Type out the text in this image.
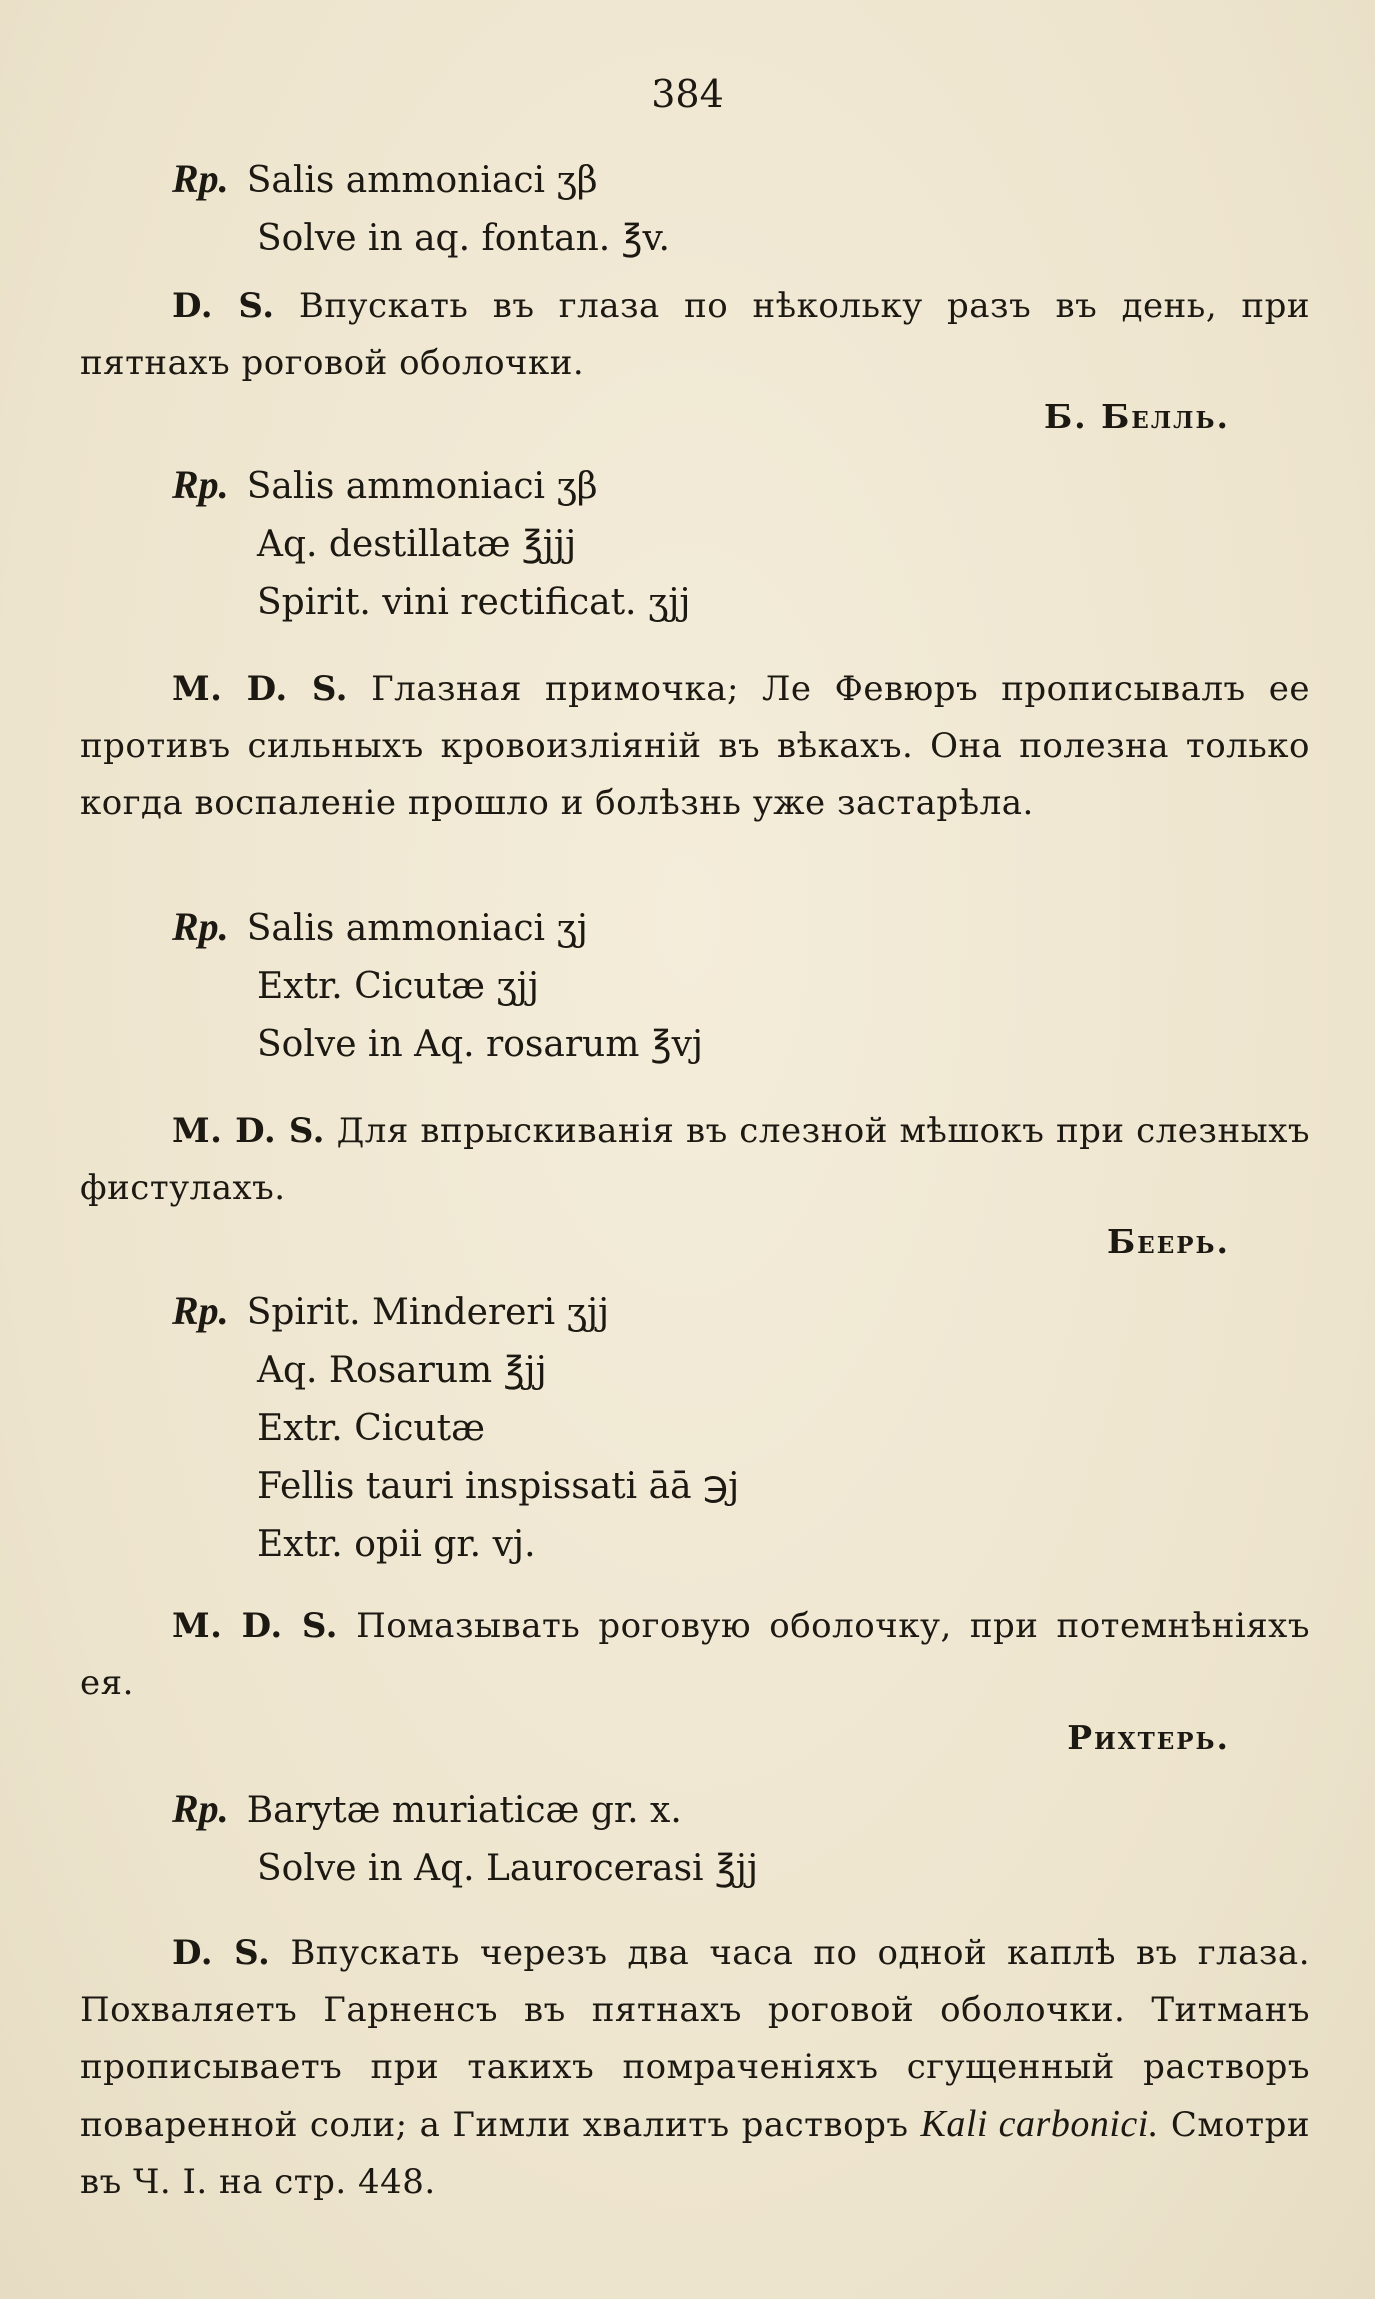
384
Rp. Salis ammoniaci ʒβ
Solve in aq. fontan. ℥v.
D. S. Впускать въ глаза по нѣкольку разъ въ день, при пятнахъ роговой оболочки.
Б. Белль.
Rp. Salis ammoniaci ʒβ
Aq. destillatæ ℥jjj
Spirit. vini rectificat. ʒjj
M. D. S. Глазная примочка; Ле Февюръ прописывалъ ее противъ сильныхъ кровоизліяній въ вѣкахъ. Она полезна только когда воспаленіе прошло и болѣзнь уже застарѣла.
Rp. Salis ammoniaci ʒj
Extr. Cicutæ ʒjj
Solve in Aq. rosarum ℥vj
M. D. S. Для впрыскиванія въ слезной мѣшокъ при слезныхъ фистулахъ.
Беерь.
Rp. Spirit. Mindereri ʒjj
Aq. Rosarum ℥jj
Extr. Cicutæ
Fellis tauri inspissati āā ℈j
Extr. opii gr. vj.
M. D. S. Помазывать роговую оболочку, при потемнѣніяхъ ея.
Рихтерь.
Rp. Barytæ muriaticæ gr. x.
Solve in Aq. Laurocerasi ℥jj
D. S. Впускать черезъ два часа по одной каплѣ въ глаза. Похваляетъ Гарненсъ въ пятнахъ роговой оболочки. Титманъ прописываетъ при такихъ помраченіяхъ сгущенный растворъ поваренной соли; а Гимли хвалитъ растворъ Kali carbonici. Смотри въ Ч. I. на стр. 448.
